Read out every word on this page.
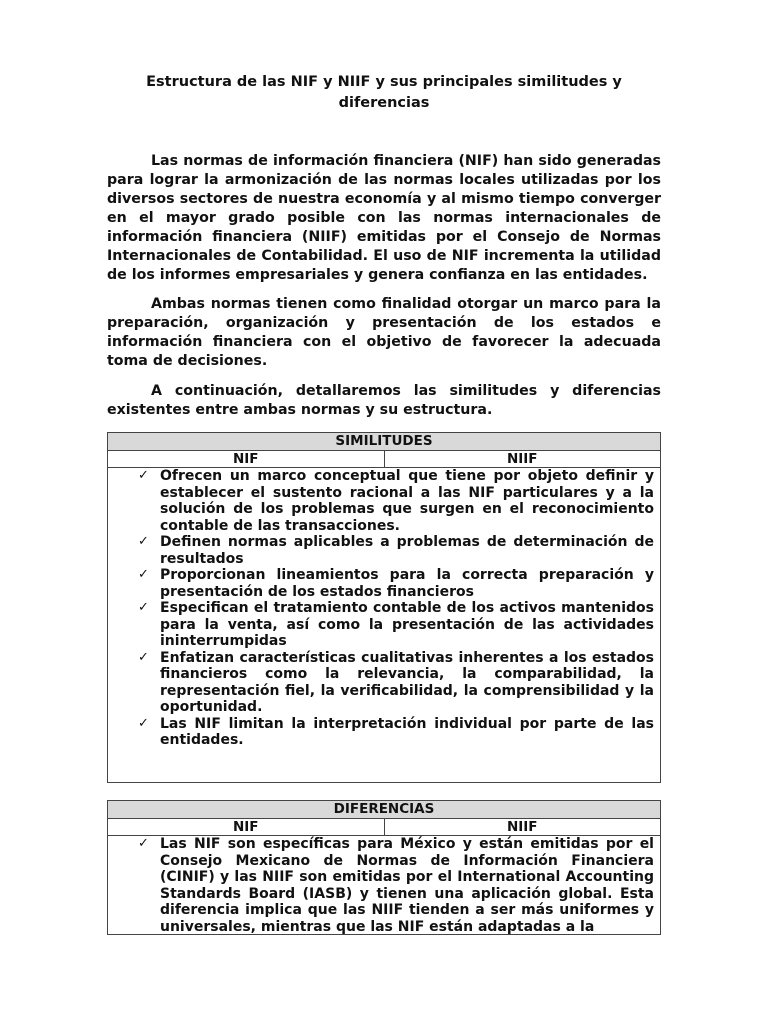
Estructura de las NIF y NIIF y sus principales similitudes y diferencias

Las normas de información financiera (NIF) han sido generadas para lograr la armonización de las normas locales utilizadas por los diversos sectores de nuestra economía y al mismo tiempo converger en el mayor grado posible con las normas internacionales de información financiera (NIIF) emitidas por el Consejo de Normas Internacionales de Contabilidad. El uso de NIF incrementa la utilidad de los informes empresariales y genera confianza en las entidades.

Ambas normas tienen como finalidad otorgar un marco para la preparación, organización y presentación de los estados e información financiera con el objetivo de favorecer la adecuada toma de decisiones.

A continuación, detallaremos las similitudes y diferencias existentes entre ambas normas y su estructura.

SIMILITUDES
NIF	NIIF

✓ Ofrecen un marco conceptual que tiene por objeto definir y establecer el sustento racional a las NIF particulares y a la solución de los problemas que surgen en el reconocimiento contable de las transacciones.
✓ Definen normas aplicables a problemas de determinación de resultados
✓ Proporcionan lineamientos para la correcta preparación y presentación de los estados financieros
✓ Especifican el tratamiento contable de los activos mantenidos para la venta, así como la presentación de las actividades ininterrumpidas
✓ Enfatizan características cualitativas inherentes a los estados financieros como la relevancia, la comparabilidad, la representación fiel, la verificabilidad, la comprensibilidad y la oportunidad.
✓ Las NIF limitan la interpretación individual por parte de las entidades.
DIFERENCIAS
NIF	NIIF

✓ Las NIF son específicas para México y están emitidas por el Consejo Mexicano de Normas de Información Financiera (CINIF) y las NIIF son emitidas por el International Accounting Standards Board (IASB) y tienen una aplicación global. Esta diferencia implica que las NIIF tienden a ser más uniformes y universales, mientras que las NIF están adaptadas a la
